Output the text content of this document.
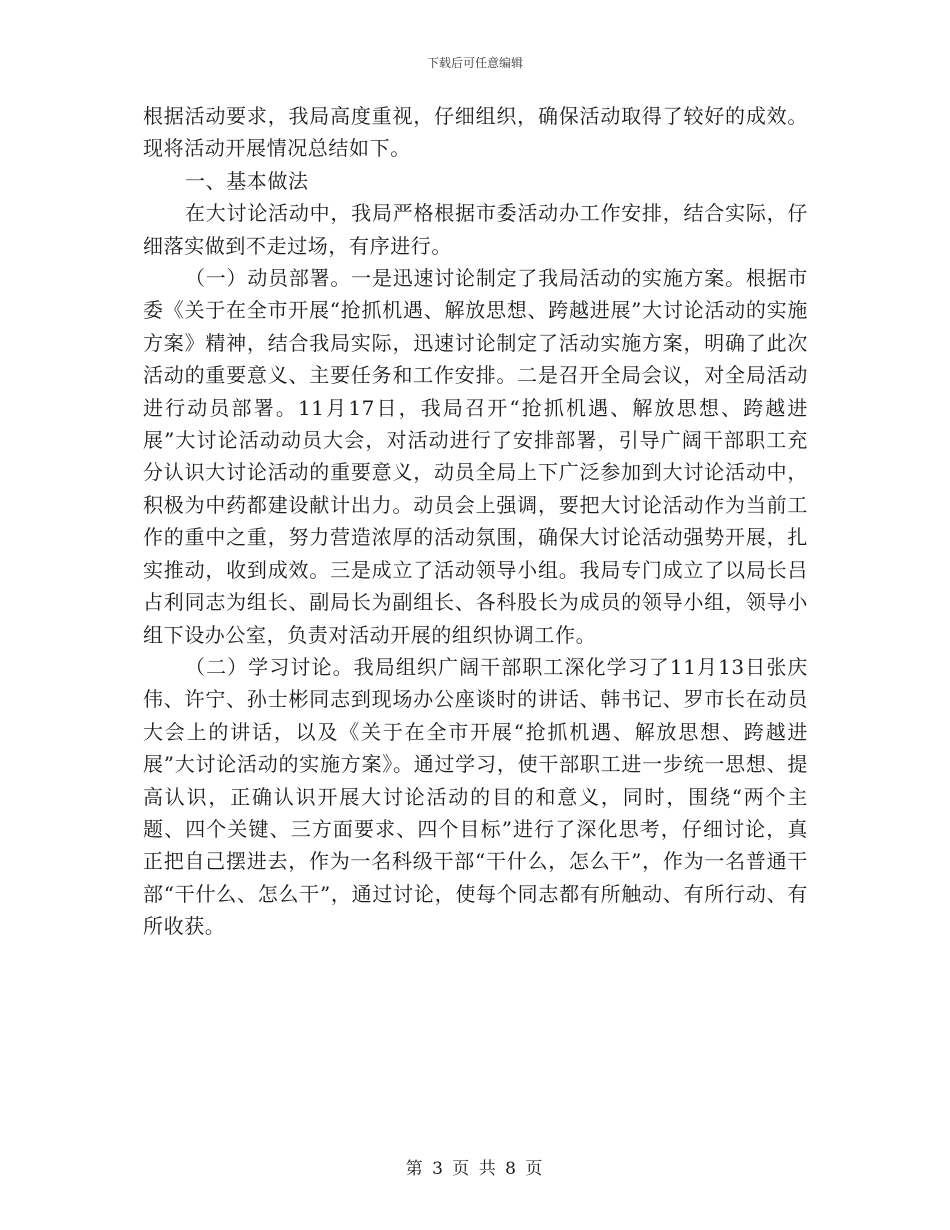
下载后可任意编辑

根据活动要求，我局高度重视，仔细组织，确保活动取得了较好的成效。现将活动开展情况总结如下。

一、基本做法

在大讨论活动中，我局严格根据市委活动办工作安排，结合实际，仔细落实做到不走过场，有序进行。

（一）动员部署。一是迅速讨论制定了我局活动的实施方案。根据市委《关于在全市开展“抢抓机遇、解放思想、跨越进展”大讨论活动的实施方案》精神，结合我局实际，迅速讨论制定了活动实施方案，明确了此次活动的重要意义、主要任务和工作安排。二是召开全局会议，对全局活动进行动员部署。11月17日，我局召开“抢抓机遇、解放思想、跨越进展”大讨论活动动员大会，对活动进行了安排部署，引导广阔干部职工充分认识大讨论活动的重要意义，动员全局上下广泛参加到大讨论活动中，积极为中药都建设献计出力。动员会上强调，要把大讨论活动作为当前工作的重中之重，努力营造浓厚的活动氛围，确保大讨论活动强势开展，扎实推动，收到成效。三是成立了活动领导小组。我局专门成立了以局长吕占利同志为组长、副局长为副组长、各科股长为成员的领导小组，领导小组下设办公室，负责对活动开展的组织协调工作。

（二）学习讨论。我局组织广阔干部职工深化学习了11月13日张庆伟、许宁、孙士彬同志到现场办公座谈时的讲话、韩书记、罗市长在动员大会上的讲话，以及《关于在全市开展“抢抓机遇、解放思想、跨越进展”大讨论活动的实施方案》。通过学习，使干部职工进一步统一思想、提高认识，正确认识开展大讨论活动的目的和意义，同时，围绕“两个主题、四个关键、三方面要求、四个目标”进行了深化思考，仔细讨论，真正把自己摆进去，作为一名科级干部“干什么，怎么干”，作为一名普通干部“干什么、怎么干”，通过讨论，使每个同志都有所触动、有所行动、有所收获。

第 3 页 共 8 页
